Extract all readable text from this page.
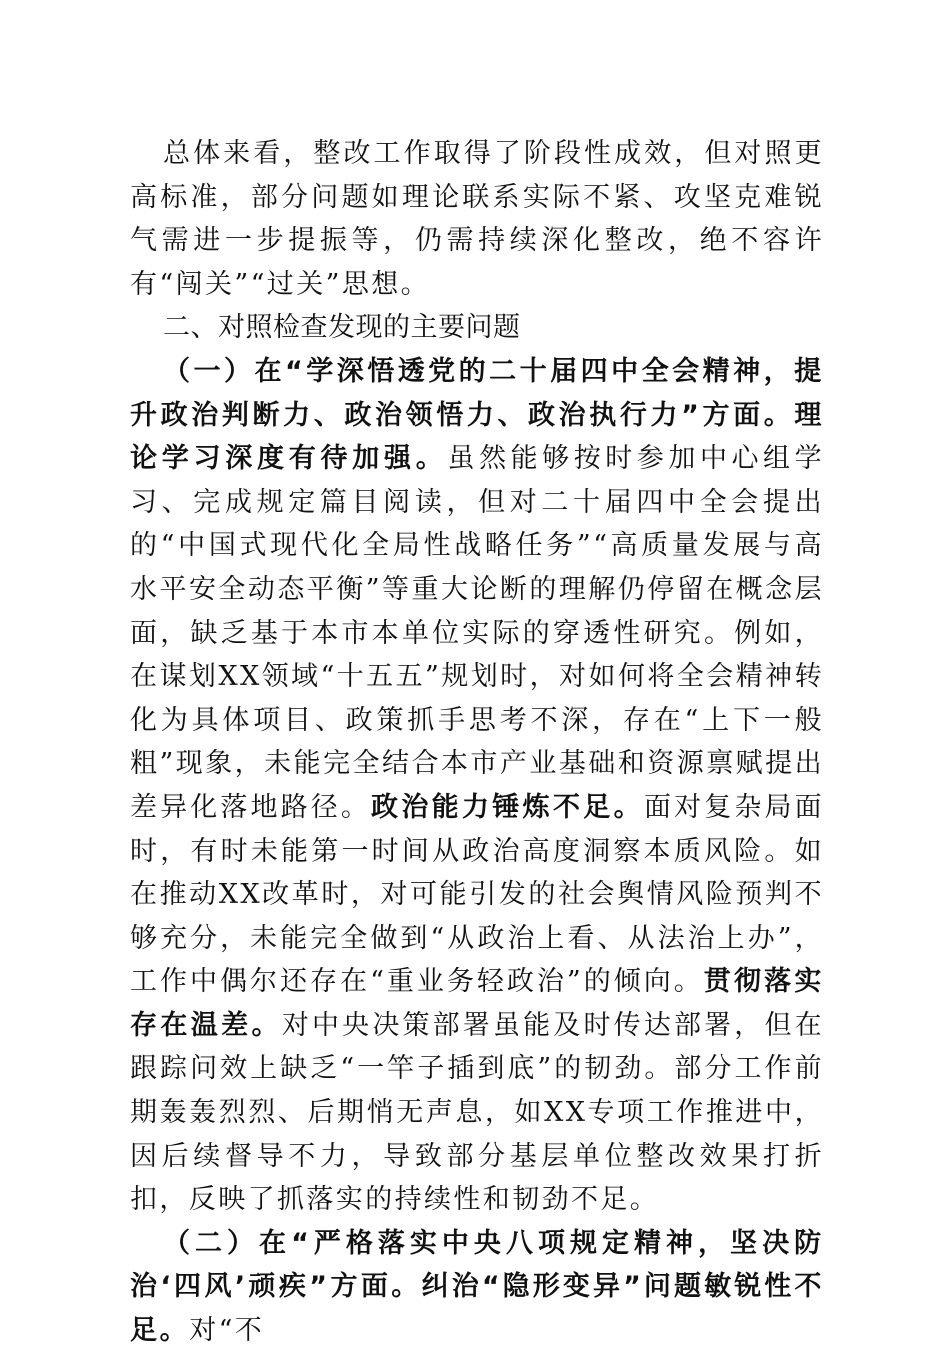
总体来看，整改工作取得了阶段性成效，但对照更高标准，部分问题如理论联系实际不紧、攻坚克难锐气需进一步提振等，仍需持续深化整改，绝不容许有“闯关”“过关”思想。

二、对照检查发现的主要问题

（一）在“学深悟透党的二十届四中全会精神，提升政治判断力、政治领悟力、政治执行力”方面。理论学习深度有待加强。虽然能够按时参加中心组学习、完成规定篇目阅读，但对二十届四中全会提出的“中国式现代化全局性战略任务”“高质量发展与高水平安全动态平衡”等重大论断的理解仍停留在概念层面，缺乏基于本市本单位实际的穿透性研究。例如，在谋划XX领域“十五五”规划时，对如何将全会精神转化为具体项目、政策抓手思考不深，存在“上下一般粗”现象，未能完全结合本市产业基础和资源禀赋提出差异化落地路径。政治能力锤炼不足。面对复杂局面时，有时未能第一时间从政治高度洞察本质风险。如在推动XX改革时，对可能引发的社会舆情风险预判不够充分，未能完全做到“从政治上看、从法治上办”，工作中偶尔还存在“重业务轻政治”的倾向。贯彻落实存在温差。对中央决策部署虽能及时传达部署，但在跟踪问效上缺乏“一竿子插到底”的韧劲。部分工作前期轰轰烈烈、后期悄无声息，如XX专项工作推进中，因后续督导不力，导致部分基层单位整改效果打折扣，反映了抓落实的持续性和韧劲不足。

（二）在“严格落实中央八项规定精神，坚决防治‘四风’顽疾”方面。纠治“隐形变异”问题敏锐性不足。对“不
